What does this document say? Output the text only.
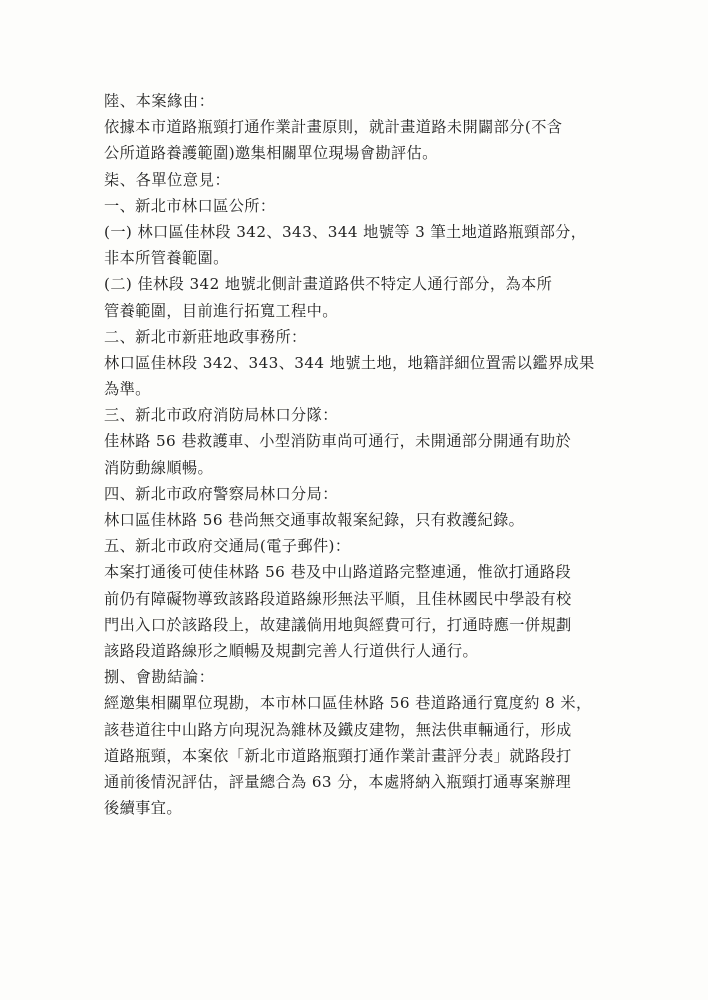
陸、本案緣由：
依據本市道路瓶頸打通作業計畫原則，就計畫道路未開闢部分(不含
公所道路養護範圍)邀集相關單位現場會勘評估。
柒、各單位意見：
一、新北市林口區公所：
(一) 林口區佳林段 342、343、344 地號等 3 筆土地道路瓶頸部分，
非本所管養範圍。
(二) 佳林段 342 地號北側計畫道路供不特定人通行部分，為本所
管養範圍，目前進行拓寬工程中。
二、新北市新莊地政事務所：
林口區佳林段 342、343、344 地號土地，地籍詳細位置需以鑑界成果
為準。
三、新北市政府消防局林口分隊：
佳林路 56 巷救護車、小型消防車尚可通行，未開通部分開通有助於
消防動線順暢。
四、新北市政府警察局林口分局：
林口區佳林路 56 巷尚無交通事故報案紀錄，只有救護紀錄。
五、新北市政府交通局(電子郵件)：
本案打通後可使佳林路 56 巷及中山路道路完整連通，惟欲打通路段
前仍有障礙物導致該路段道路線形無法平順，且佳林國民中學設有校
門出入口於該路段上，故建議倘用地與經費可行，打通時應一併規劃
該路段道路線形之順暢及規劃完善人行道供行人通行。
捌、會勘結論：
經邀集相關單位現勘，本市林口區佳林路 56 巷道路通行寬度約 8 米，
該巷道往中山路方向現況為雜林及鐵皮建物，無法供車輛通行，形成
道路瓶頸，本案依「新北市道路瓶頸打通作業計畫評分表」就路段打
通前後情況評估，評量總合為 63 分，本處將納入瓶頸打通專案辦理
後續事宜。
